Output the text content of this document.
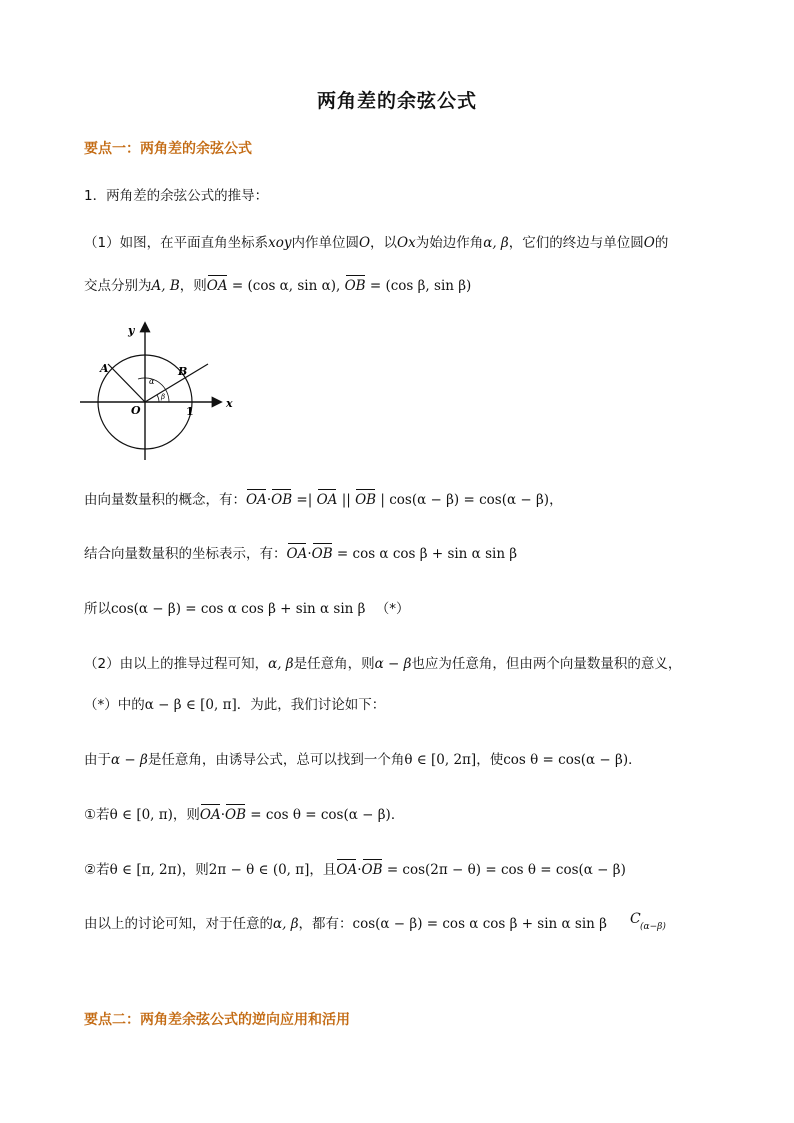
两角差的余弦公式
要点一：两角差的余弦公式
1．两角差的余弦公式的推导：
（1）如图，在平面直角坐标系xoy内作单位圆O，以Ox为始边作角α, β，它们的终边与单位圆O的
交点分别为A, B，则OA = (cos α, sin α), OB = (cos β, sin β)
y
x
A	B
O	1
α
β
由向量数量积的概念，有：OA·OB =| OA || OB | cos(α − β) = cos(α − β)，
结合向量数量积的坐标表示，有：OA·OB = cos α cos β + sin α sin β
所以cos(α − β) = cos α cos β + sin α sin β （*）
（2）由以上的推导过程可知，α, β是任意角，则α − β也应为任意角，但由两个向量数量积的意义，
（*）中的α − β ∈ [0, π]．为此，我们讨论如下：
由于α − β是任意角，由诱导公式，总可以找到一个角θ ∈ [0, 2π]，使cos θ = cos(α − β)．
①若θ ∈ [0, π)，则OA·OB = cos θ = cos(α − β)．
②若θ ∈ [π, 2π)，则2π − θ ∈ (0, π]，且OA·OB = cos(2π − θ) = cos θ = cos(α − β)
由以上的讨论可知，对于任意的α, β，都有：cos(α − β) = cos α cos β + sin α sin β C (α−β)
要点二：两角差余弦公式的逆向应用和活用
